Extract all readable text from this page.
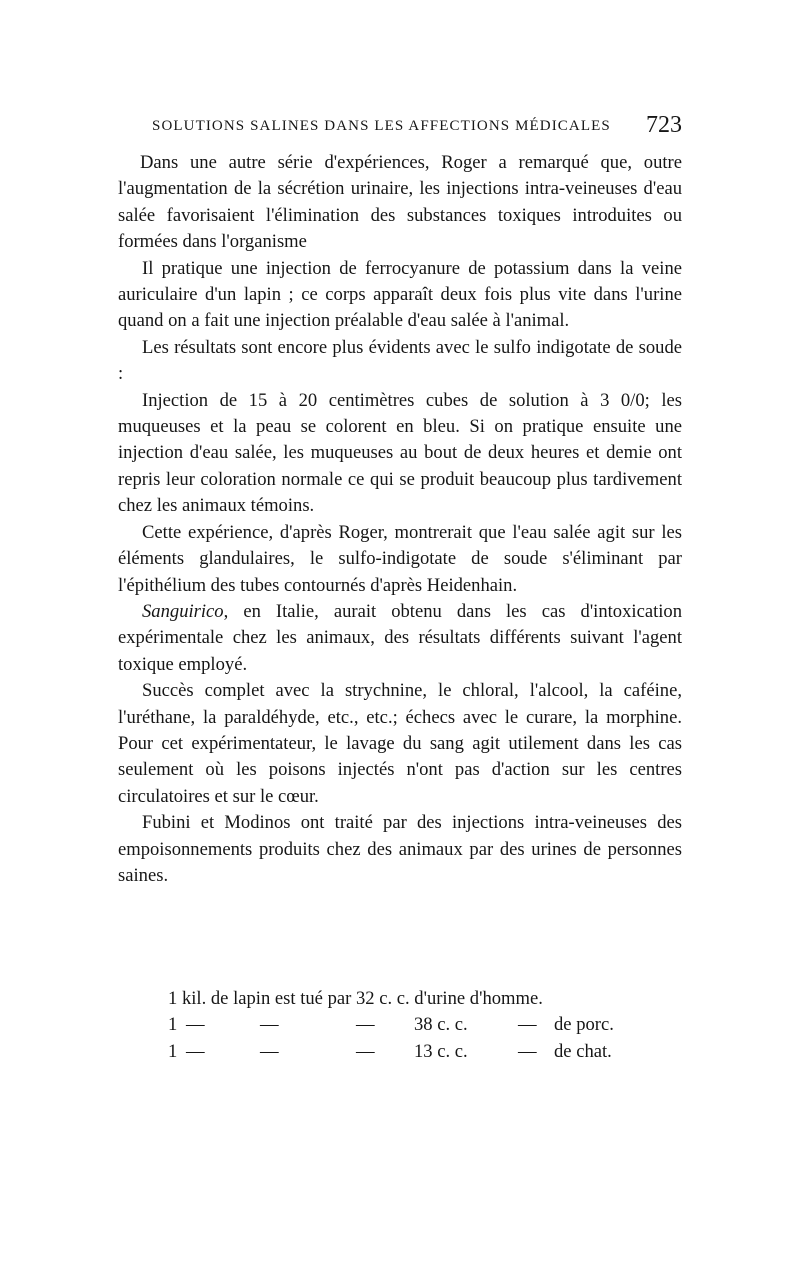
SOLUTIONS SALINES DANS LES AFFECTIONS MÉDICALES 723

Dans une autre série d'expériences, Roger a remarqué que, outre l'augmentation de la sécrétion urinaire, les injections intra-veineuses d'eau salée favorisaient l'élimination des substances toxiques introduites ou formées dans l'organisme

Il pratique une injection de ferrocyanure de potassium dans la veine auriculaire d'un lapin ; ce corps apparaît deux fois plus vite dans l'urine quand on a fait une injection préalable d'eau salée à l'animal.

Les résultats sont encore plus évidents avec le sulfo indigotate de soude :

Injection de 15 à 20 centimètres cubes de solution à 3 0/0; les muqueuses et la peau se colorent en bleu. Si on pratique ensuite une injection d'eau salée, les muqueuses au bout de deux heures et demie ont repris leur coloration normale ce qui se produit beaucoup plus tardivement chez les animaux témoins.

Cette expérience, d'après Roger, montrerait que l'eau salée agit sur les éléments glandulaires, le sulfo-indigotate de soude s'éliminant par l'épithélium des tubes contournés d'après Heidenhain.

Sanguirico, en Italie, aurait obtenu dans les cas d'intoxication expérimentale chez les animaux, des résultats différents suivant l'agent toxique employé.

Succès complet avec la strychnine, le chloral, l'alcool, la caféine, l'uréthane, la paraldéhyde, etc., etc.; échecs avec le curare, la morphine. Pour cet expérimentateur, le lavage du sang agit utilement dans les cas seulement où les poisons injectés n'ont pas d'action sur les centres circulatoires et sur le cœur.

Fubini et Modinos ont traité par des injections intra-veineuses des empoisonnements produits chez des animaux par des urines de personnes saines.

1 kil. de lapin est tué par 32 c. c. d'urine d'homme.
1 —	—	— 38 c. c.	— de porc.
1 —	—	— 13 c. c.	— de chat.
